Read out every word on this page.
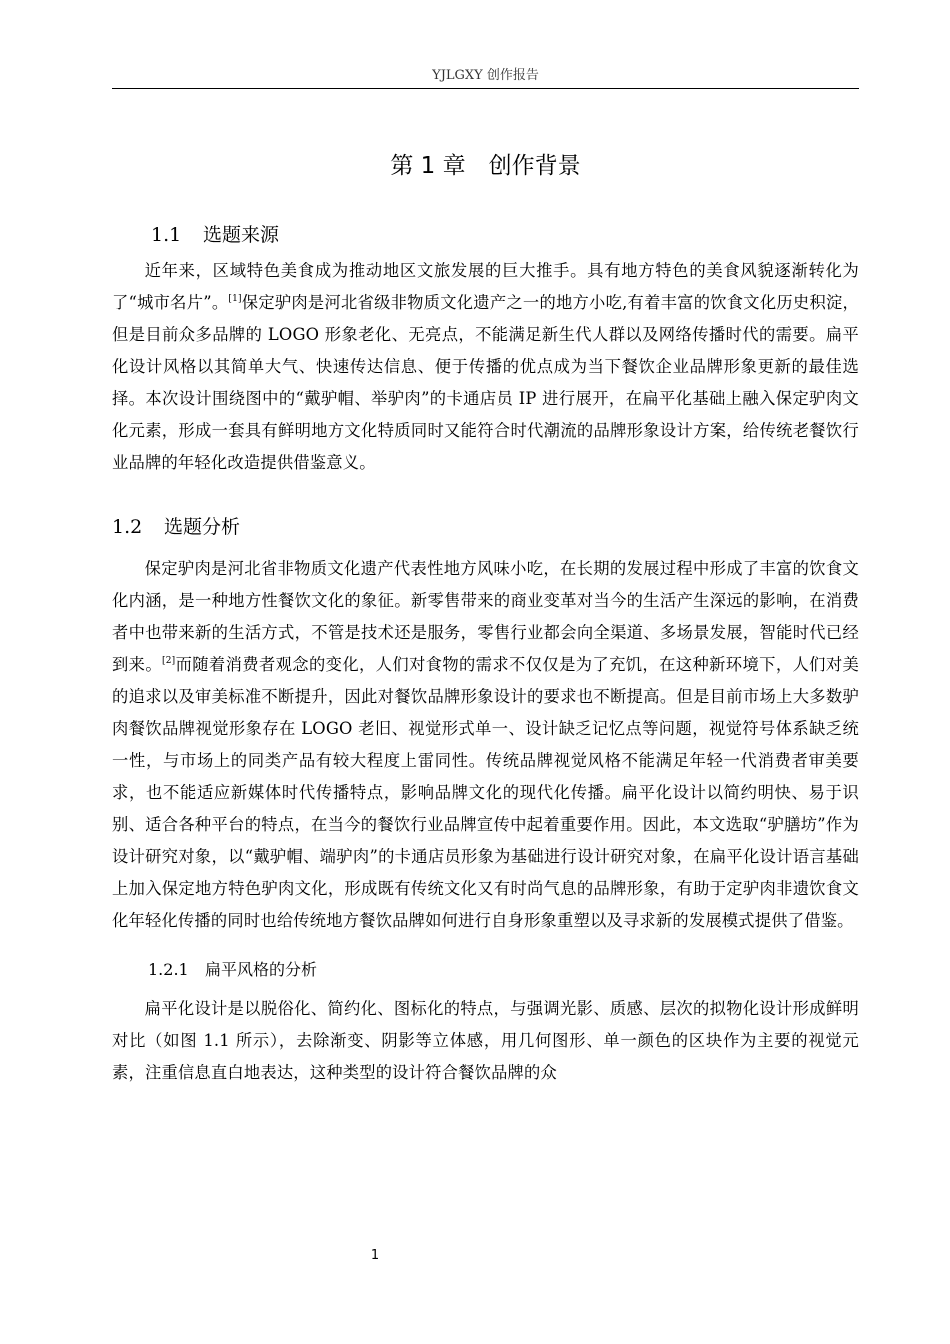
YJLGXY 创作报告
第 1 章　创作背景
1.1 选题来源

近年来，区域特色美食成为推动地区文旅发展的巨大推手。具有地方特色的美食风貌逐渐转化为了“城市名片”。[1]保定驴肉是河北省级非物质文化遗产之一的地方小吃,有着丰富的饮食文化历史积淀，但是目前众多品牌的 LOGO 形象老化、无亮点，不能满足新生代人群以及网络传播时代的需要。扁平化设计风格以其简单大气、快速传达信息、便于传播的优点成为当下餐饮企业品牌形象更新的最佳选择。本次设计围绕图中的“戴驴帽、举驴肉”的卡通店员 IP 进行展开，在扁平化基础上融入保定驴肉文化元素，形成一套具有鲜明地方文化特质同时又能符合时代潮流的品牌形象设计方案，给传统老餐饮行业品牌的年轻化改造提供借鉴意义。

1.2 选题分析

保定驴肉是河北省非物质文化遗产代表性地方风味小吃，在长期的发展过程中形成了丰富的饮食文化内涵，是一种地方性餐饮文化的象征。新零售带来的商业变革对当今的生活产生深远的影响，在消费者中也带来新的生活方式，不管是技术还是服务，零售行业都会向全渠道、多场景发展，智能时代已经到来。[2]而随着消费者观念的变化，人们对食物的需求不仅仅是为了充饥，在这种新环境下，人们对美的追求以及审美标准不断提升，因此对餐饮品牌形象设计的要求也不断提高。但是目前市场上大多数驴肉餐饮品牌视觉形象存在 LOGO 老旧、视觉形式单一、设计缺乏记忆点等问题，视觉符号体系缺乏统一性，与市场上的同类产品有较大程度上雷同性。传统品牌视觉风格不能满足年轻一代消费者审美要求，也不能适应新媒体时代传播特点，影响品牌文化的现代化传播。扁平化设计以简约明快、易于识别、适合各种平台的特点，在当今的餐饮行业品牌宣传中起着重要作用。因此，本文选取“驴膳坊”作为设计研究对象，以“戴驴帽、端驴肉”的卡通店员形象为基础进行设计研究对象，在扁平化设计语言基础上加入保定地方特色驴肉文化，形成既有传统文化又有时尚气息的品牌形象，有助于定驴肉非遗饮食文化年轻化传播的同时也给传统地方餐饮品牌如何进行自身形象重塑以及寻求新的发展模式提供了借鉴。

1.2.1 扁平风格的分析

扁平化设计是以脱俗化、简约化、图标化的特点，与强调光影、质感、层次的拟物化设计形成鲜明对比（如图 1.1 所示），去除渐变、阴影等立体感，用几何图形、单一颜色的区块作为主要的视觉元素，注重信息直白地表达，这种类型的设计符合餐饮品牌的众

1
